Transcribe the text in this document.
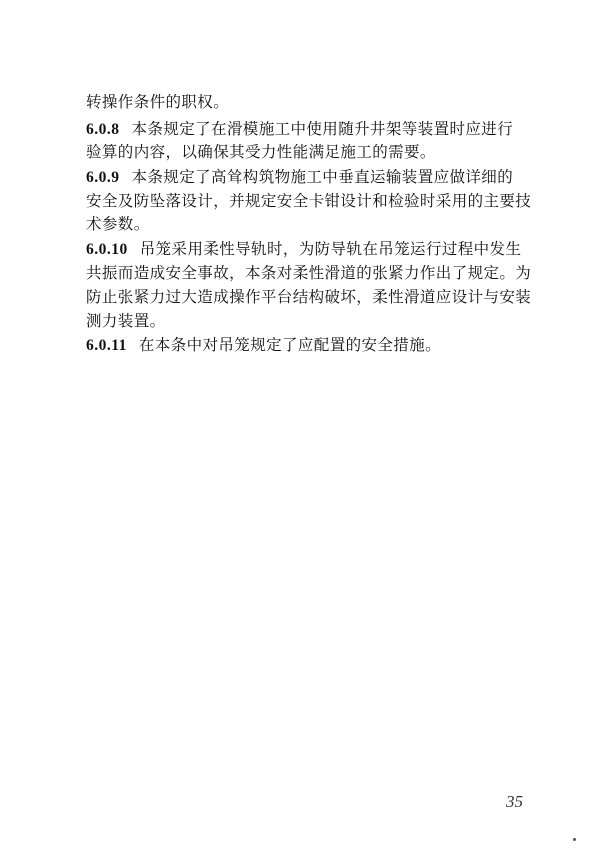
转操作条件的职权。
6.0.8 本条规定了在滑模施工中使用随升井架等装置时应进行
验算的内容，以确保其受力性能满足施工的需要。
6.0.9 本条规定了高耸构筑物施工中垂直运输装置应做详细的
安全及防坠落设计，并规定安全卡钳设计和检验时采用的主要技
术参数。
6.0.10 吊笼采用柔性导轨时，为防导轨在吊笼运行过程中发生
共振而造成安全事故，本条对柔性滑道的张紧力作出了规定。为
防止张紧力过大造成操作平台结构破坏，柔性滑道应设计与安装
测力装置。
6.0.11 在本条中对吊笼规定了应配置的安全措施。
35
